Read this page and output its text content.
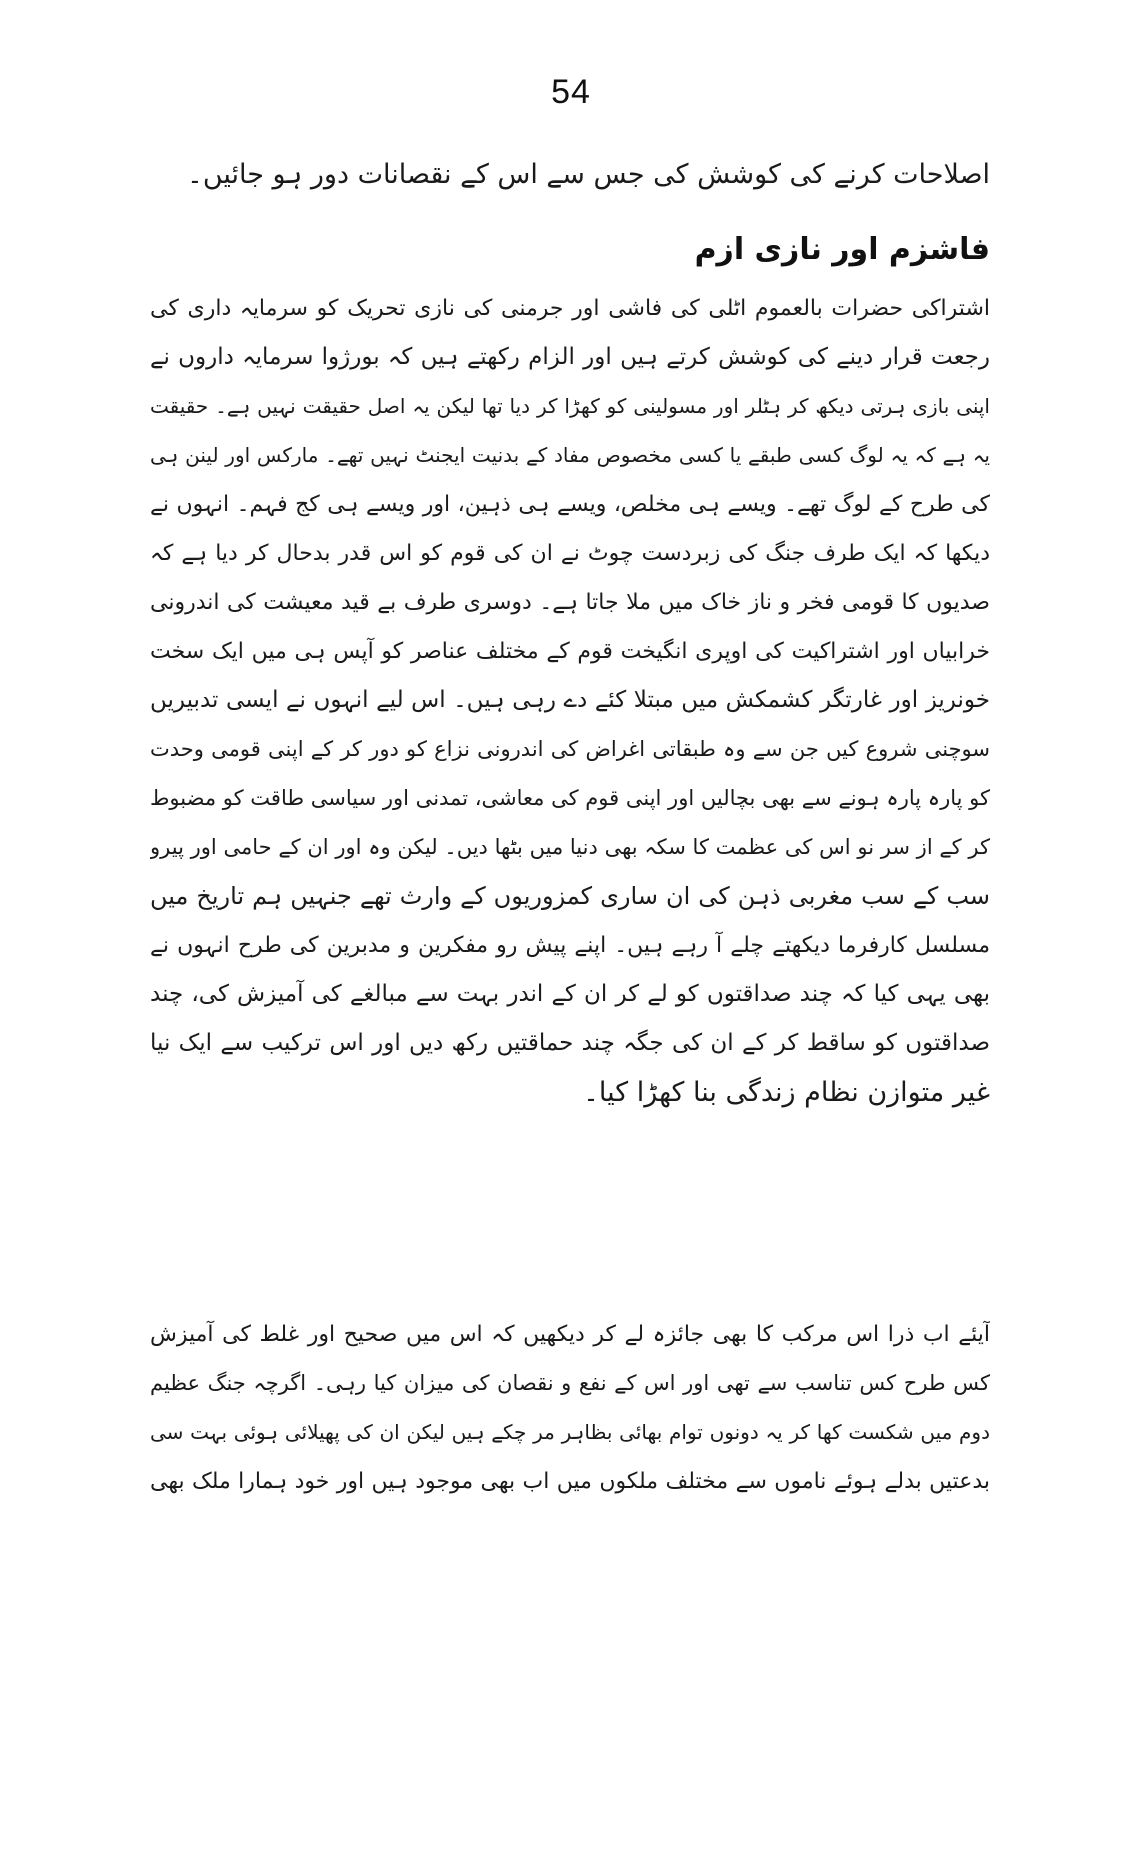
54
اصلاحات کرنے کی کوشش کی جس سے اس کے نقصانات دور ہو جائیں۔
فاشزم اور نازی ازم
اشتراکی حضرات بالعموم اٹلی کی فاشی اور جرمنی کی نازی تحریک کو سرمایہ داری کی
رجعت قرار دینے کی کوشش کرتے ہیں اور الزام رکھتے ہیں کہ بورژوا سرمایہ داروں نے
اپنی بازی ہرتی دیکھ کر ہٹلر اور مسولینی کو کھڑا کر دیا تھا لیکن یہ اصل حقیقت نہیں ہے۔ حقیقت
یہ ہے کہ یہ لوگ کسی طبقے یا کسی مخصوص مفاد کے بدنیت ایجنٹ نہیں تھے۔ مارکس اور لینن ہی
کی طرح کے لوگ تھے۔ ویسے ہی مخلص، ویسے ہی ذہین، اور ویسے ہی کج فہم۔ انہوں نے
دیکھا کہ ایک طرف جنگ کی زبردست چوٹ نے ان کی قوم کو اس قدر بدحال کر دیا ہے کہ
صدیوں کا قومی فخر و ناز خاک میں ملا جاتا ہے۔ دوسری طرف بے قید معیشت کی اندرونی
خرابیاں اور اشتراکیت کی اوپری انگیخت قوم کے مختلف عناصر کو آپس ہی میں ایک سخت
خونریز اور غارتگر کشمکش میں مبتلا کئے دے رہی ہیں۔ اس لیے انہوں نے ایسی تدبیریں
سوچنی شروع کیں جن سے وہ طبقاتی اغراض کی اندرونی نزاع کو دور کر کے اپنی قومی وحدت
کو پارہ پارہ ہونے سے بھی بچالیں اور اپنی قوم کی معاشی، تمدنی اور سیاسی طاقت کو مضبوط
کر کے از سر نو اس کی عظمت کا سکہ بھی دنیا میں بٹھا دیں۔ لیکن وہ اور ان کے حامی اور پیرو
سب کے سب مغربی ذہن کی ان ساری کمزوریوں کے وارث تھے جنہیں ہم تاریخ میں
مسلسل کارفرما دیکھتے چلے آ رہے ہیں۔ اپنے پیش رو مفکرین و مدبرین کی طرح انہوں نے
بھی یہی کیا کہ چند صداقتوں کو لے کر ان کے اندر بہت سے مبالغے کی آمیزش کی، چند
صداقتوں کو ساقط کر کے ان کی جگہ چند حماقتیں رکھ دیں اور اس ترکیب سے ایک نیا
غیر متوازن نظام زندگی بنا کھڑا کیا۔
آیئے اب ذرا اس مرکب کا بھی جائزہ لے کر دیکھیں کہ اس میں صحیح اور غلط کی آمیزش
کس طرح کس تناسب سے تھی اور اس کے نفع و نقصان کی میزان کیا رہی۔ اگرچہ جنگ عظیم
دوم میں شکست کھا کر یہ دونوں توام بھائی بظاہر مر چکے ہیں لیکن ان کی پھیلائی ہوئی بہت سی
بدعتیں بدلے ہوئے ناموں سے مختلف ملکوں میں اب بھی موجود ہیں اور خود ہمارا ملک بھی
